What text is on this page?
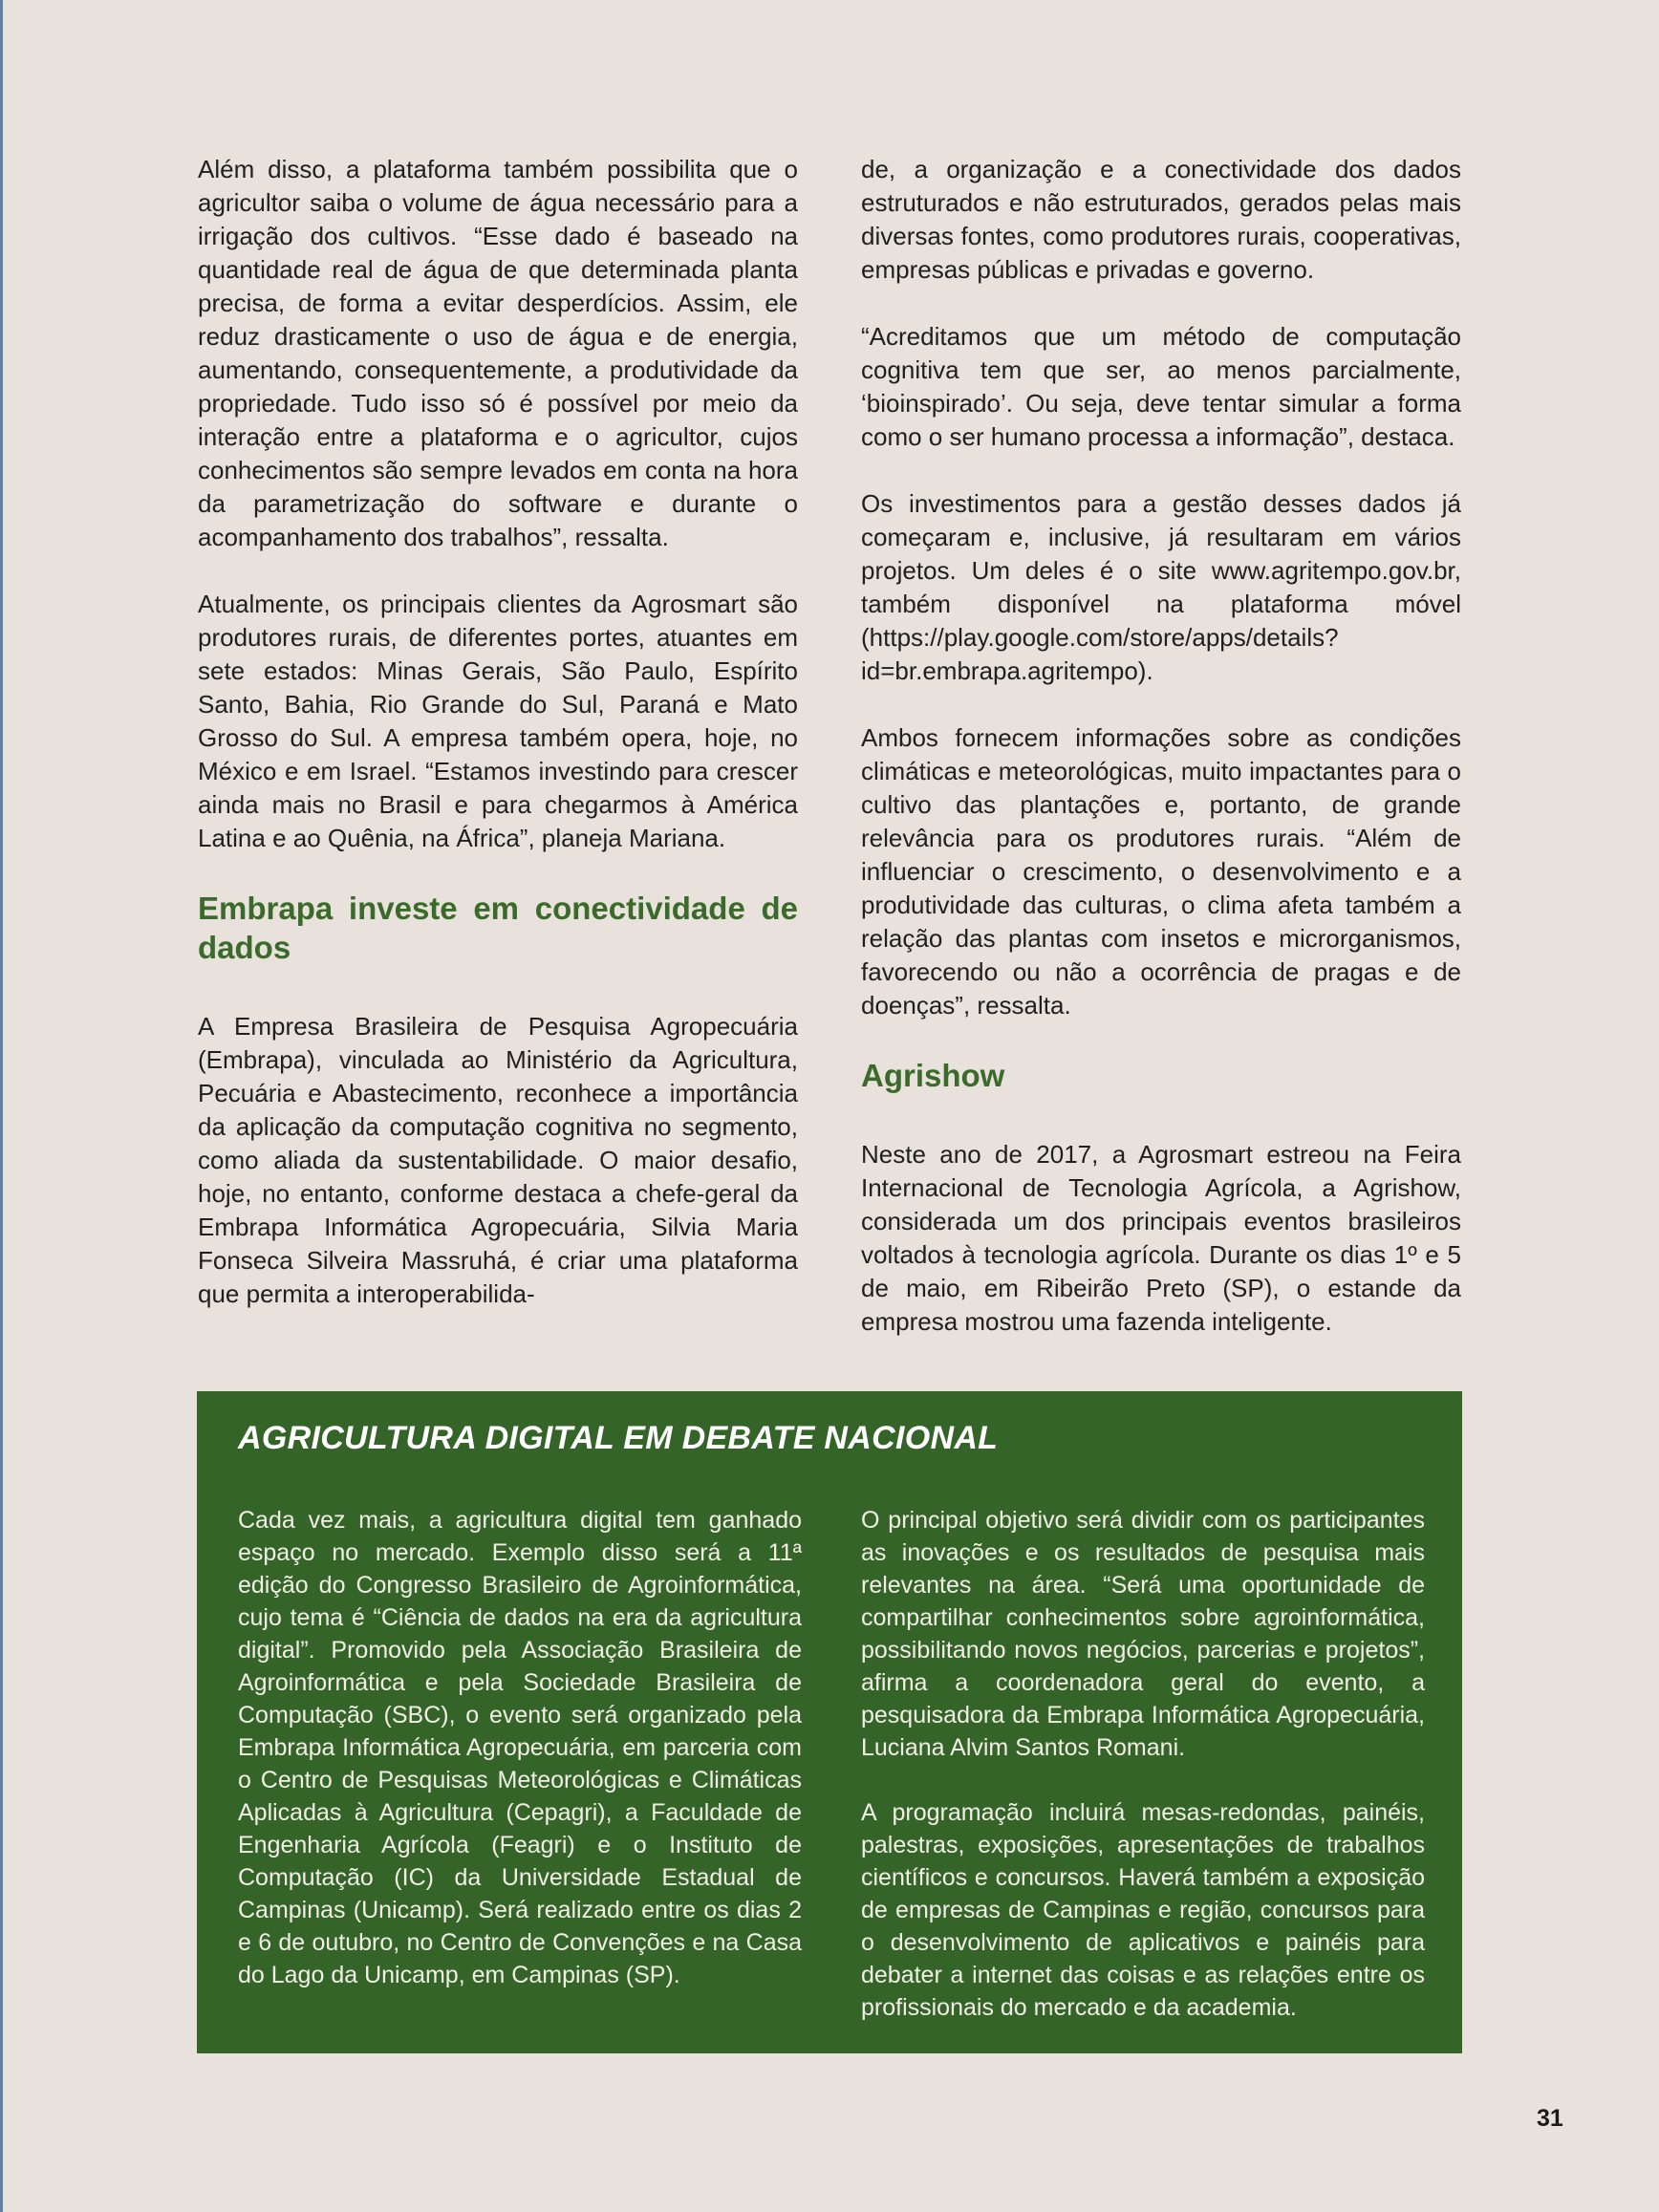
Além disso, a plataforma também possibilita que o agricultor saiba o volume de água necessário para a irrigação dos cultivos. “Esse dado é baseado na quantidade real de água de que determinada planta precisa, de forma a evitar desperdícios. Assim, ele reduz drasticamente o uso de água e de energia, aumentando, consequentemente, a produtividade da propriedade. Tudo isso só é possível por meio da interação entre a plataforma e o agricultor, cujos conhecimentos são sempre levados em conta na hora da parametrização do software e durante o acompanhamento dos trabalhos”, ressalta.

Atualmente, os principais clientes da Agrosmart são produtores rurais, de diferentes portes, atuantes em sete estados: Minas Gerais, São Paulo, Espírito Santo, Bahia, Rio Grande do Sul, Paraná e Mato Grosso do Sul. A empresa também opera, hoje, no México e em Israel. “Estamos investindo para crescer ainda mais no Brasil e para chegarmos à América Latina e ao Quênia, na África”, planeja Mariana.

Embrapa investe em conectividade de dados

A Empresa Brasileira de Pesquisa Agropecuária (Embrapa), vinculada ao Ministério da Agricultura, Pecuária e Abastecimento, reconhece a importância da aplicação da computação cognitiva no segmento, como aliada da sustentabilidade. O maior desafio, hoje, no entanto, conforme destaca a chefe-geral da Embrapa Informática Agropecuária, Silvia Maria Fonseca Silveira Massruhá, é criar uma plataforma que permita a interoperabilida-

de, a organização e a conectividade dos dados estruturados e não estruturados, gerados pelas mais diversas fontes, como produtores rurais, cooperativas, empresas públicas e privadas e governo.

“Acreditamos que um método de computação cognitiva tem que ser, ao menos parcialmente, ‘bioinspirado’. Ou seja, deve tentar simular a forma como o ser humano processa a informação”, destaca.

Os investimentos para a gestão desses dados já começaram e, inclusive, já resultaram em vários projetos. Um deles é o site www.agritempo.gov.br, também disponível na plataforma móvel (https://play.google.com/store/apps/details?id=br.embrapa.agritempo).

Ambos fornecem informações sobre as condições climáticas e meteorológicas, muito impactantes para o cultivo das plantações e, portanto, de grande relevância para os produtores rurais. “Além de influenciar o crescimento, o desenvolvimento e a produtividade das culturas, o clima afeta também a relação das plantas com insetos e microrganismos, favorecendo ou não a ocorrência de pragas e de doenças”, ressalta.

Agrishow

Neste ano de 2017, a Agrosmart estreou na Feira Internacional de Tecnologia Agrícola, a Agrishow, considerada um dos principais eventos brasileiros voltados à tecnologia agrícola. Durante os dias 1º e 5 de maio, em Ribeirão Preto (SP), o estande da empresa mostrou uma fazenda inteligente.

AGRICULTURA DIGITAL EM DEBATE NACIONAL

Cada vez mais, a agricultura digital tem ganhado espaço no mercado. Exemplo disso será a 11ª edição do Congresso Brasileiro de Agroinformática, cujo tema é “Ciência de dados na era da agricultura digital”. Promovido pela Associação Brasileira de Agroinformática e pela Sociedade Brasileira de Computação (SBC), o evento será organizado pela Embrapa Informática Agropecuária, em parceria com o Centro de Pesquisas Meteorológicas e Climáticas Aplicadas à Agricultura (Cepagri), a Faculdade de Engenharia Agrícola (Feagri) e o Instituto de Computação (IC) da Universidade Estadual de Campinas (Unicamp). Será realizado entre os dias 2 e 6 de outubro, no Centro de Convenções e na Casa do Lago da Unicamp, em Campinas (SP).

O principal objetivo será dividir com os participantes as inovações e os resultados de pesquisa mais relevantes na área. “Será uma oportunidade de compartilhar conhecimentos sobre agroinformática, possibilitando novos negócios, parcerias e projetos”, afirma a coordenadora geral do evento, a pesquisadora da Embrapa Informática Agropecuária, Luciana Alvim Santos Romani.

A programação incluirá mesas-redondas, painéis, palestras, exposições, apresentações de trabalhos científicos e concursos. Haverá também a exposição de empresas de Campinas e região, concursos para o desenvolvimento de aplicativos e painéis para debater a internet das coisas e as relações entre os profissionais do mercado e da academia.

31
